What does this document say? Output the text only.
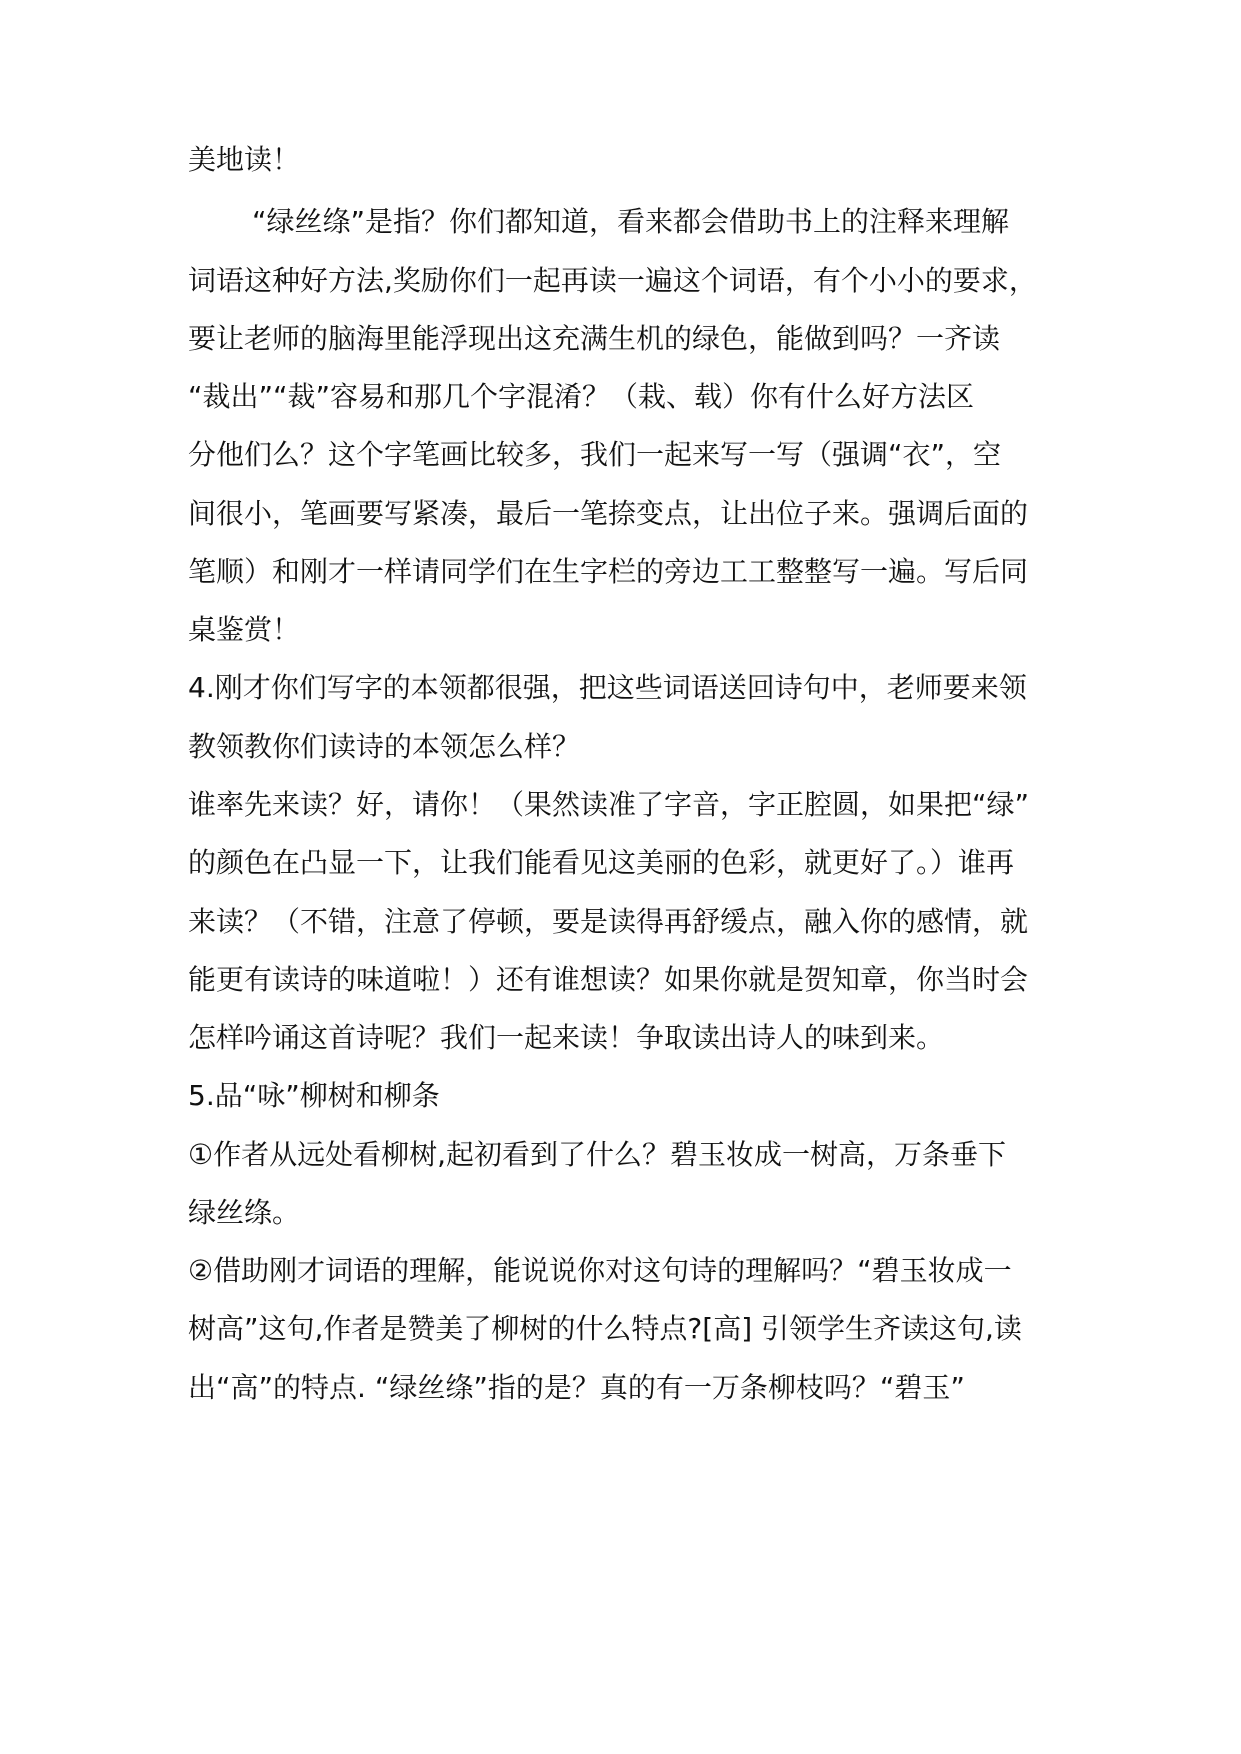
美地读！
“绿丝绦”是指？你们都知道，看来都会借助书上的注释来理解
词语这种好方法,奖励你们一起再读一遍这个词语，有个小小的要求，
要让老师的脑海里能浮现出这充满生机的绿色，能做到吗？一齐读
“裁出”“裁”容易和那几个字混淆？（栽、载）你有什么好方法区
分他们么？这个字笔画比较多，我们一起来写一写（强调“衣”，空
间很小，笔画要写紧凑，最后一笔捺变点，让出位子来。强调后面的
笔顺）和刚才一样请同学们在生字栏的旁边工工整整写一遍。写后同
桌鉴赏！
4.刚才你们写字的本领都很强，把这些词语送回诗句中，老师要来领
教领教你们读诗的本领怎么样？
谁率先来读？好，请你！（果然读准了字音，字正腔圆，如果把“绿”
的颜色在凸显一下，让我们能看见这美丽的色彩，就更好了。）谁再
来读？（不错，注意了停顿，要是读得再舒缓点，融入你的感情，就
能更有读诗的味道啦！）还有谁想读？如果你就是贺知章，你当时会
怎样吟诵这首诗呢？我们一起来读！争取读出诗人的味到来。
5.品“咏”柳树和柳条
①作者从远处看柳树,起初看到了什么？碧玉妆成一树高，万条垂下
绿丝绦。
②借助刚才词语的理解，能说说你对这句诗的理解吗？“碧玉妆成一
树高”这句,作者是赞美了柳树的什么特点?[高] 引领学生齐读这句,读
出“高”的特点. “绿丝绦”指的是？真的有一万条柳枝吗？“碧玉”
